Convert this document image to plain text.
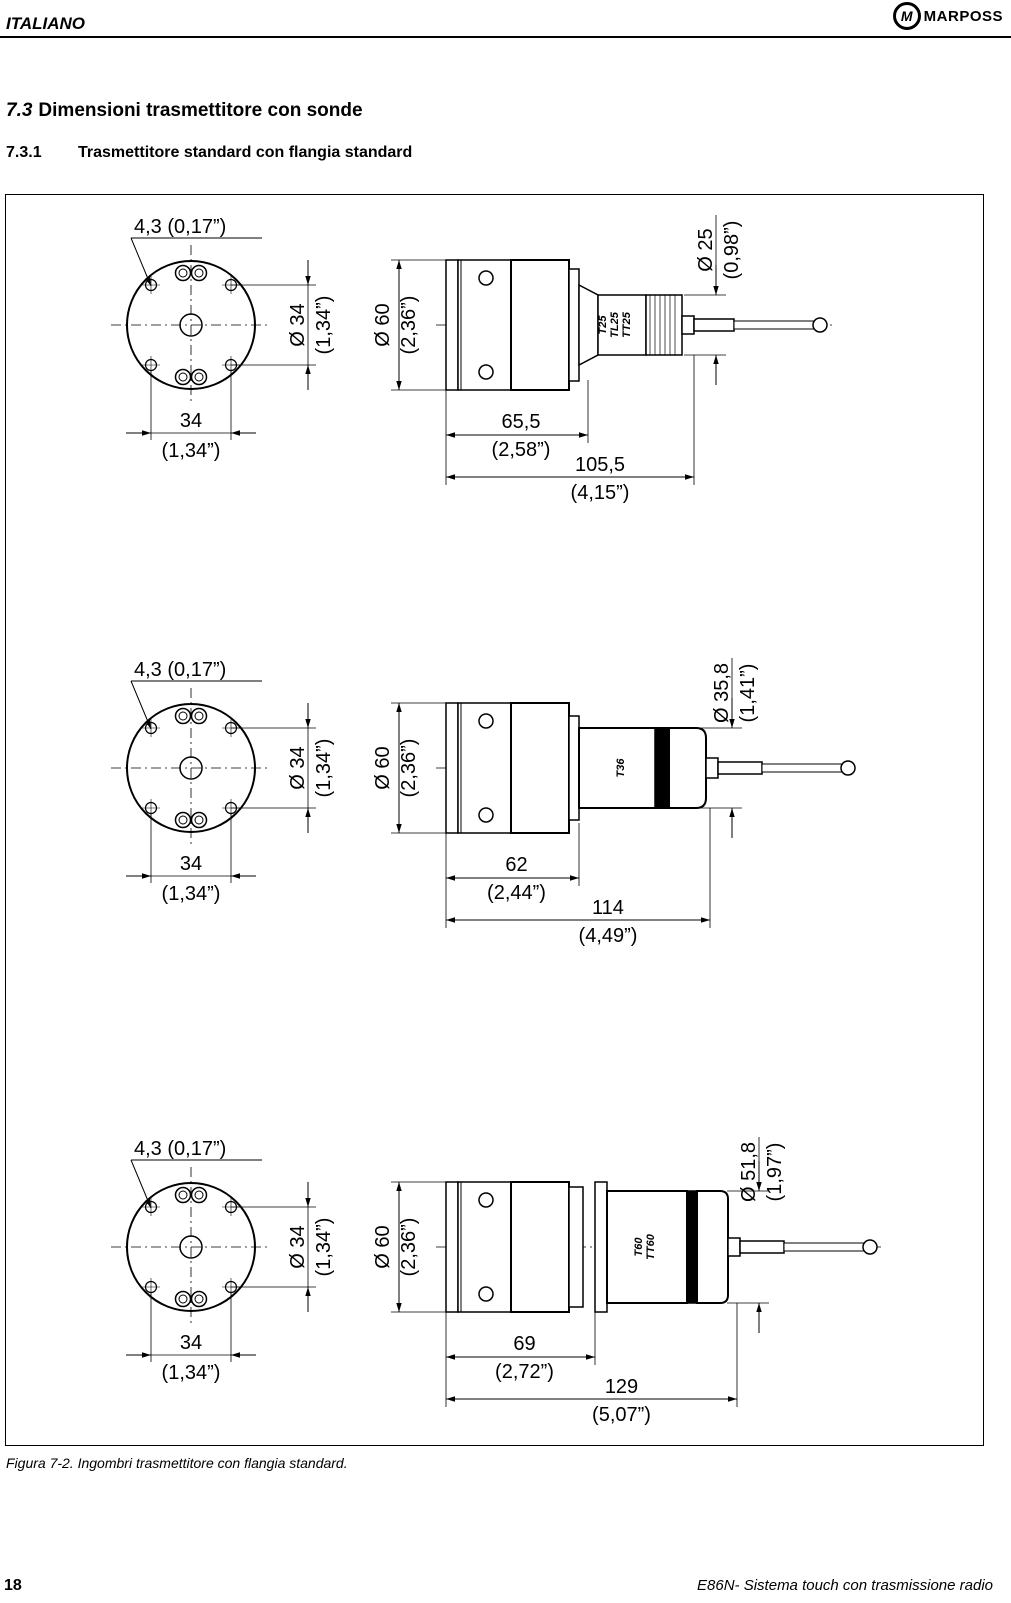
ITALIANO	M MARPOSS
7.3 Dimensioni trasmettitore con sonde
7.3.1 Trasmettitore standard con flangia standard
4,3 (0,17”)
Ø 34 (1,34”)
34
(1,34”)
Ø 60 (2,36”)	T25 TL25 TT25
Ø 25 (0,98”)
65,5
(2,58”)
105,5
(4,15”)
4,3 (0,17”)
Ø 34 (1,34”)
34
(1,34”)
Ø 60 (2,36”)	T36
Ø 35,8 (1,41”)
62
(2,44”)
114
(4,49”)
4,3 (0,17”)
Ø 34 (1,34”)
34
(1,34”)
Ø 60 (2,36”)	T60 TT60
Ø 51,8 (1,97”)
69
(2,72”)
129
(5,07”)
Figura 7-2. Ingombri trasmettitore con flangia standard.
18	E86N- Sistema touch con trasmissione radio
